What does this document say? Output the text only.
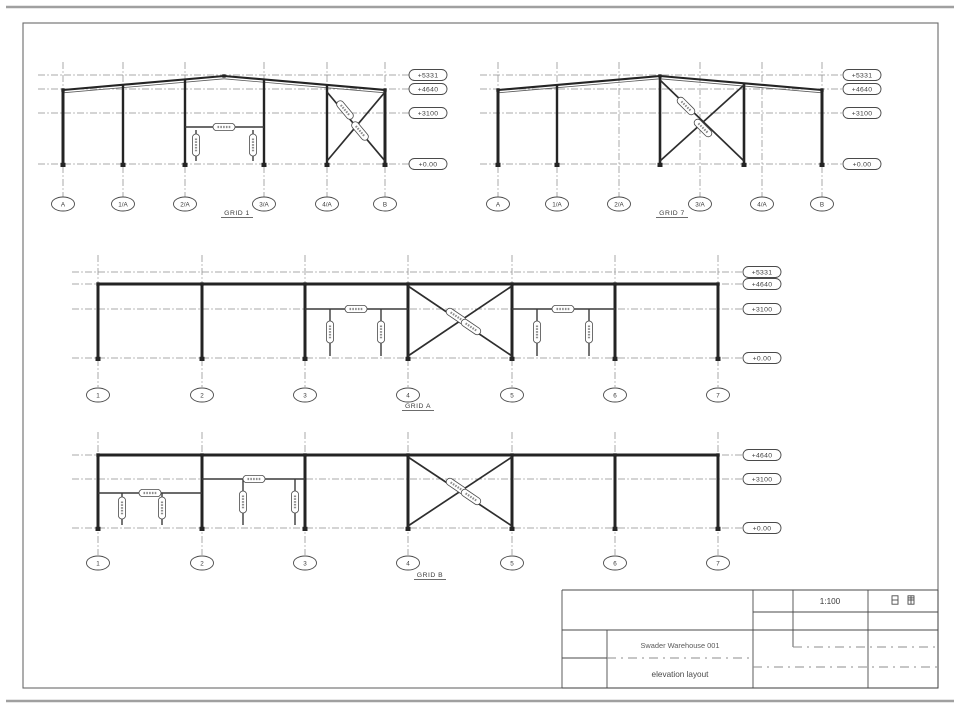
+5331
+4640
+3100
+0.00
A	1/A	2/A	3/A	4/A	B
GRID 1
+5331
+4640
+3100
+0.00
A	1/A	2/A	3/A	4/A	B
GRID 7
+5331
+4640
+3100
+0.00
1	2	3	4	5	6	7
GRID A
+4640
+3100
+0.00
1	2	3	4	5	6	7
GRID B
1:100
Swader Warehouse 001
elevation layout
